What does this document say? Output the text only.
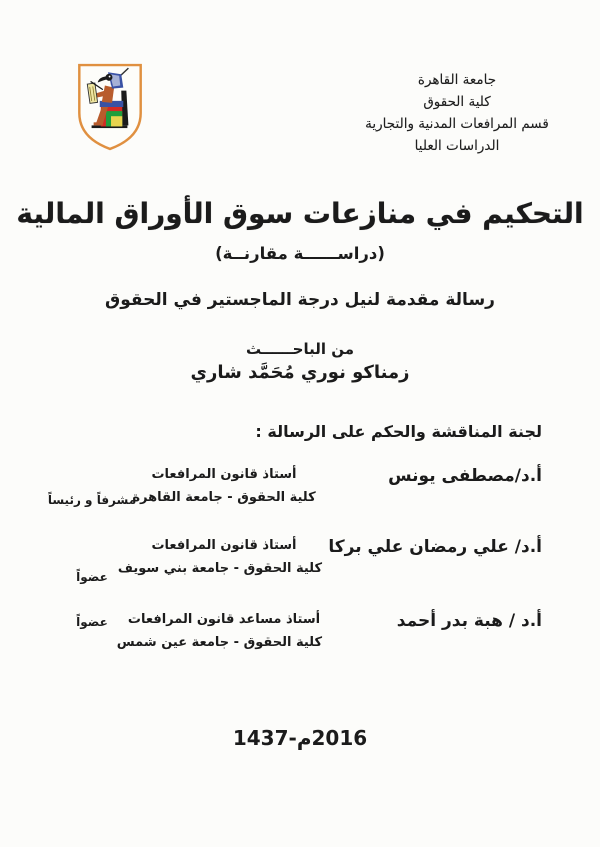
جامعة القاهرة
كلية الحقوق
قسم المرافعات المدنية والتجارية
الدراسات العليا
التحكيم في منازعات سوق الأوراق المالية
(دراســــــة مقارنــة)
رسالة مقدمة لنيل درجة الماجستير في الحقوق
من الباحــــــث
زمناكو نوري مُحَمَّد شاري
لجنة المناقشة والحكم على الرسالة :
أ.د/مصطفى يونس
أستاذ قانون المرافعات
كلية الحقوق - جامعة القاهرة
مشرفاً و رئيساً
أ.د/ علي رمضان علي بركا
أستاذ قانون المرافعات
كلية الحقوق - جامعة بني سويف
عضواً
أ.د / هبة بدر أحمد
أستاذ مساعد قانون المرافعات
كلية الحقوق - جامعة عين شمس
عضواً
2016م-1437
